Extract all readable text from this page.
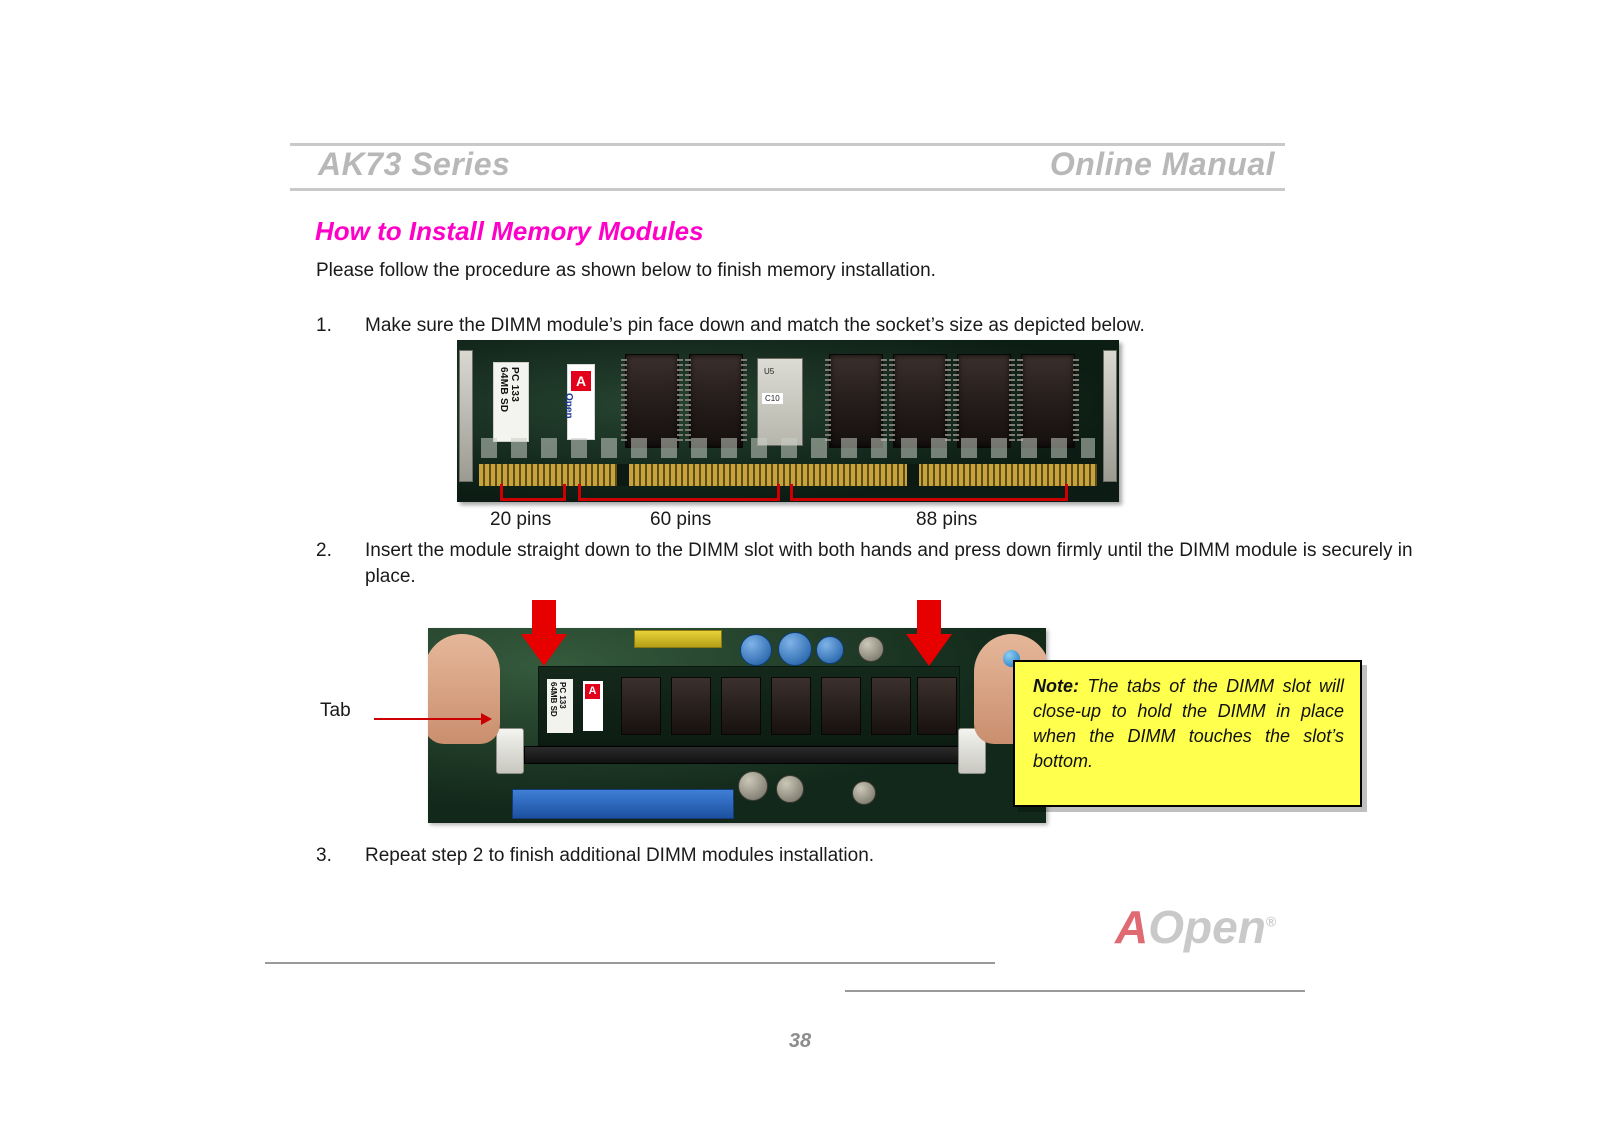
AK73 Series	Online Manual
How to Install Memory Modules
Please follow the procedure as shown below to finish memory installation.
1.	Make sure the DIMM module’s pin face down and match the socket’s size as depicted below.
PC 133
64MB SD	A
Open
U5
C10
20 pins	60 pins	88 pins
2.	Insert the module straight down to the DIMM slot with both hands and press down firmly until the DIMM module is securely in place.
PC 133
64MB SD	A
Tab
Note: The tabs of the DIMM slot will close-up to hold the DIMM in place when the DIMM touches the slot’s bottom.
3.	Repeat step 2 to finish additional DIMM modules installation.
AOpen®
38
